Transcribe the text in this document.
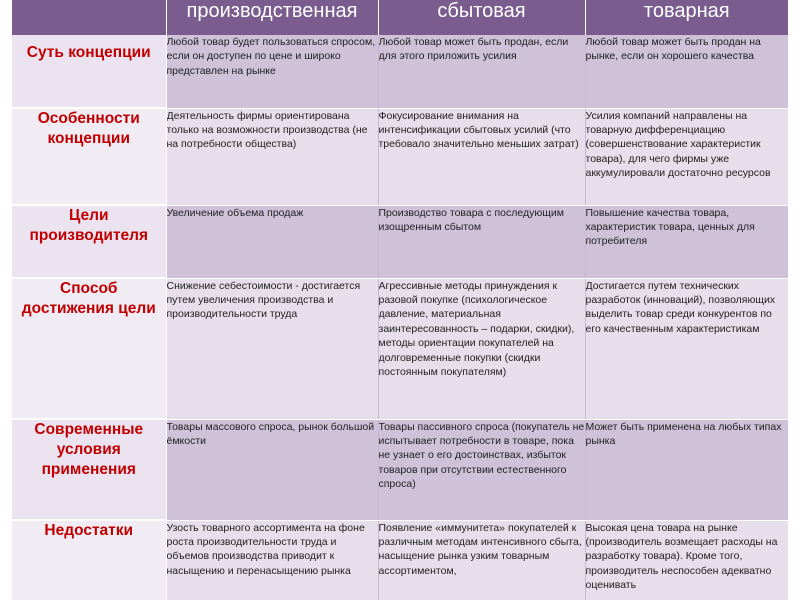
	производственная	сбытовая	товарная
Суть концепции	Любой товар будет пользоваться спросом, если он доступен по цене и широко представлен на рынке	Любой товар может быть продан, если для этого приложить усилия	Любой товар может быть продан на рынке, если он хорошего качества
Особенности концепции	Деятельность фирмы ориентирована только на возможности производства (не на потребности общества)	Фокусирование внимания на интенсификации сбытовых усилий (что требовало значительно меньших затрат)	Усилия компаний направлены на товарную дифференциацию (совершенствование характеристик товара), для чего фирмы уже аккумулировали достаточно ресурсов
Цели производителя	Увеличение объема продаж	Производство товара с последующим изощренным сбытом	Повышение качества товара, характеристик товара, ценных для потребителя
Способ достижения цели	Снижение себестоимости - достигается путем увеличения производства и производительности труда	Агрессивные методы принуждения к разовой покупке (психологическое давление, материальная заинтересованность – подарки, скидки), методы ориентации покупателей на долговременные покупки (скидки постоянным покупателям)	Достигается путем технических разработок (инноваций), позволяющих выделить товар среди конкурентов по его качественным характеристикам
Современные условия применения	Товары массового спроса, рынок большой ёмкости	Товары пассивного спроса (покупатель не испытывает потребности в товаре, пока не узнает о его достоинствах, избыток товаров при отсутствии естественного спроса)	Может быть применена на любых типах рынка
Недостатки	Узость товарного ассортимента на фоне роста производительности труда и объемов производства приводит к насыщению и перенасыщению рынка	Появление «иммунитета» покупателей к различным методам интенсивного сбыта, насыщение рынка узким товарным ассортиментом,	Высокая цена товара на рынке (производитель возмещает расходы на разработку товара). Кроме того, производитель неспособен адекватно оценивать
